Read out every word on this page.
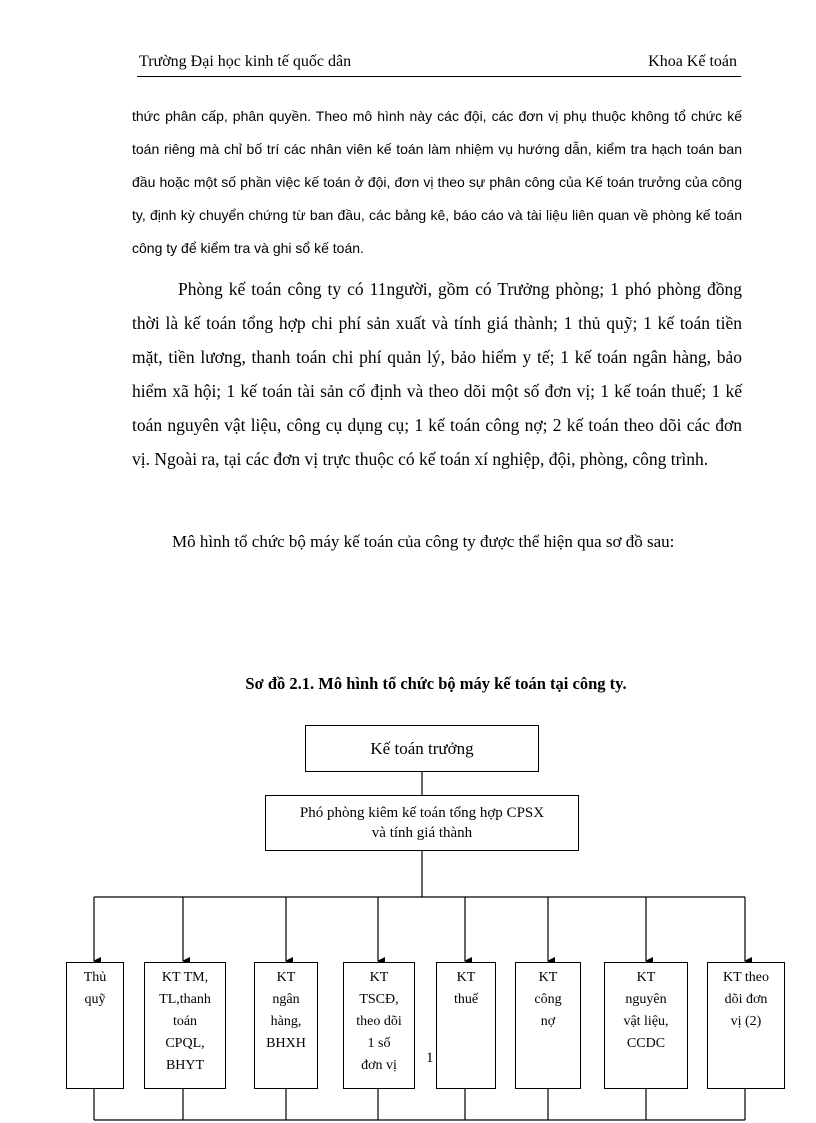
Trường Đại học kinh tế quốc dân	Khoa Kế toán

thức phân cấp, phân quyền. Theo mô hình này các đội, các đơn vị phụ thuộc không tổ chức kế toán riêng mà chỉ bố trí các nhân viên kế toán làm nhiệm vụ hướng dẫn, kiểm tra hạch toán ban đầu hoặc một số phần việc kế toán ở đội, đơn vị theo sự phân công của Kế toán trưởng của công ty, định kỳ chuyển chứng từ ban đầu, các bảng kê, báo cáo và tài liệu liên quan về phòng kế toán công ty để kiểm tra và ghi sổ kế toán.

Phòng kế toán công ty có 11người, gồm có Trưởng phòng; 1 phó phòng đồng thời là kế toán tổng hợp chi phí sản xuất và tính giá thành; 1 thủ quỹ; 1 kế toán tiền mặt, tiền lương, thanh toán chi phí quản lý, bảo hiểm y tế; 1 kế toán ngân hàng, bảo hiểm xã hội; 1 kế toán tài sản cố định và theo dõi một số đơn vị; 1 kế toán thuế; 1 kế toán nguyên vật liệu, công cụ dụng cụ; 1 kế toán công nợ; 2 kế toán theo dõi các đơn vị. Ngoài ra, tại các đơn vị trực thuộc có kế toán xí nghiệp, đội, phòng, công trình.

Mô hình tổ chức bộ máy kế toán của công ty được thể hiện qua sơ đồ sau:

Sơ đồ 2.1. Mô hình tổ chức bộ máy kế toán tại công ty.
Kế toán trưởng
Phó phòng kiêm kế toán tổng hợp CPSX
và tính giá thành
Thủ
quỹ
KT TM,
TL,thanh
toán
CPQL,
BHYT
KT
ngân
hàng,
BHXH
KT
TSCĐ,
theo dõi
1 số
đơn vị
KT
thuế
KT
công
nợ
KT
nguyên
vật liệu,
CCDC
KT theo
dõi đơn
vị (2)
1
